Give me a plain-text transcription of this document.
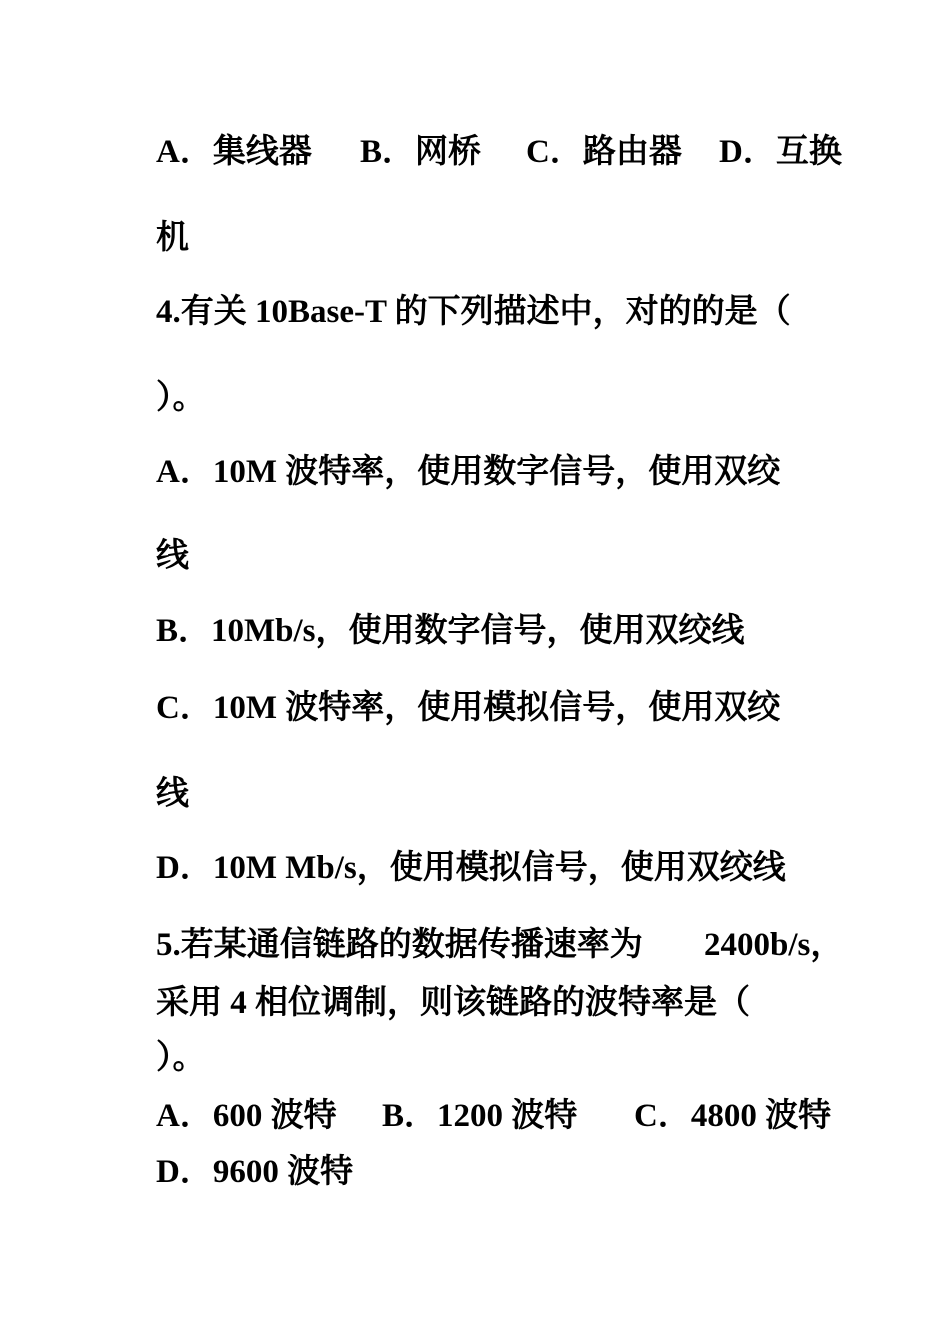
A．集线器

B．网桥

C．路由器

D．互换

机
4.有关 10Base-T 的下列描述中，对的的是（
）。
A．10M 波特率，使用数字信号，使用双绞
线
B．10Mb/s，使用数字信号，使用双绞线
C．10M 波特率，使用模拟信号，使用双绞
线
D．10M Mb/s，使用模拟信号，使用双绞线

5.若某通信链路的数据传播速率为

2400b/s，

采用 4 相位调制，则该链路的波特率是（
）。

A．600 波特

B．1200 波特

C．4800 波特

D．9600 波特
